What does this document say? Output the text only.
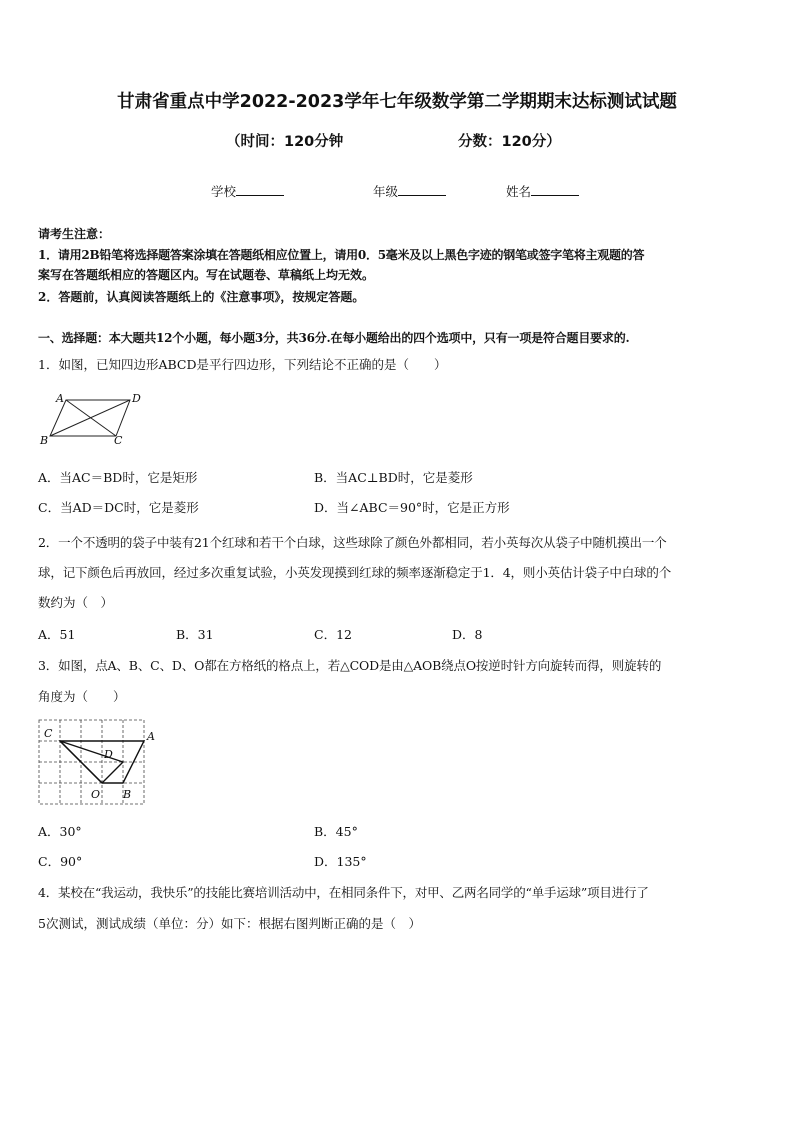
甘肃省重点中学2022-2023学年七年级数学第二学期期末达标测试试题
（时间：120分钟	分数：120分）
学校	年级	姓名
请考生注意：
1．请用2B铅笔将选择题答案涂填在答题纸相应位置上，请用0．5毫米及以上黑色字迹的钢笔或签字笔将主观题的答
案写在答题纸相应的答题区内。写在试题卷、草稿纸上均无效。
2．答题前，认真阅读答题纸上的《注意事项》，按规定答题。
一、选择题：本大题共12个小题，每小题3分，共36分.在每小题给出的四个选项中，只有一项是符合题目要求的.
1．如图，已知四边形ABCD是平行四边形，下列结论不正确的是（　　）
A	D
B	C
A．当AC＝BD时，它是矩形	B．当AC⊥BD时，它是菱形
C．当AD＝DC时，它是菱形	D．当∠ABC＝90°时，它是正方形
2．一个不透明的袋子中装有21个红球和若干个白球，这些球除了颜色外都相同，若小英每次从袋子中随机摸出一个
球，记下颜色后再放回，经过多次重复试验，小英发现摸到红球的频率逐渐稳定于1．4，则小英估计袋子中白球的个
数约为（　）
A．51	B．31	C．12	D．8
3．如图，点A、B、C、D、O都在方格纸的格点上，若△COD是由△AOB绕点O按逆时针方向旋转而得，则旋转的
角度为（　　）
C	A
D
O B
A．30°	B．45°
C．90°	D．135°
4．某校在“我运动，我快乐”的技能比赛培训活动中，在相同条件下，对甲、乙两名同学的“单手运球”项目进行了
5次测试，测试成绩（单位：分）如下：根据右图判断正确的是（　）
